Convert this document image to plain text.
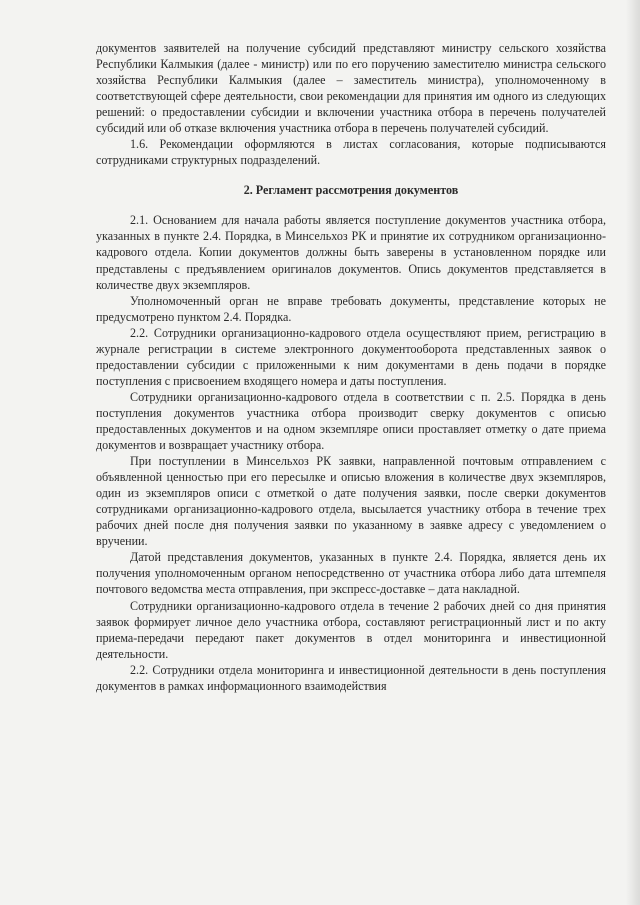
документов заявителей на получение субсидий представляют министру сельского хозяйства Республики Калмыкия (далее - министр) или по его поручению заместителю министра сельского хозяйства Республики Калмыкия (далее – заместитель министра), уполномоченному в соответствующей сфере деятельности, свои рекомендации для принятия им одного из следующих решений: о предоставлении субсидии и включении участника отбора в перечень получателей субсидий или об отказе включения участника отбора в перечень получателей субсидий.

1.6. Рекомендации оформляются в листах согласования, которые подписываются сотрудниками структурных подразделений.

2. Регламент рассмотрения документов

2.1. Основанием для начала работы является поступление документов участника отбора, указанных в пункте 2.4. Порядка, в Минсельхоз РК и принятие их сотрудником организационно-кадрового отдела. Копии документов должны быть заверены в установленном порядке или представлены с предъявлением оригиналов документов. Опись документов представляется в количестве двух экземпляров.

Уполномоченный орган не вправе требовать документы, представление которых не предусмотрено пунктом 2.4. Порядка.

2.2. Сотрудники организационно-кадрового отдела осуществляют прием, регистрацию в журнале регистрации в системе электронного документооборота представленных заявок о предоставлении субсидии с приложенными к ним документами в день подачи в порядке поступления с присвоением входящего номера и даты поступления.

Сотрудники организационно-кадрового отдела в соответствии с п. 2.5. Порядка в день поступления документов участника отбора производит сверку документов с описью предоставленных документов и на одном экземпляре описи проставляет отметку о дате приема документов и возвращает участнику отбора.

При поступлении в Минсельхоз РК заявки, направленной почтовым отправлением с объявленной ценностью при его пересылке и описью вложения в количестве двух экземпляров, один из экземпляров описи с отметкой о дате получения заявки, после сверки документов сотрудниками организационно-кадрового отдела, высылается участнику отбора в течение трех рабочих дней после дня получения заявки по указанному в заявке адресу с уведомлением о вручении.

Датой представления документов, указанных в пункте 2.4. Порядка, является день их получения уполномоченным органом непосредственно от участника отбора либо дата штемпеля почтового ведомства места отправления, при экспресс-доставке – дата накладной.

Сотрудники организационно-кадрового отдела в течение 2 рабочих дней со дня принятия заявок формирует личное дело участника отбора, составляют регистрационный лист и по акту приема-передачи передают пакет документов в отдел мониторинга и инвестиционной деятельности.

2.2. Сотрудники отдела мониторинга и инвестиционной деятельности в день поступления документов в рамках информационного взаимодействия
